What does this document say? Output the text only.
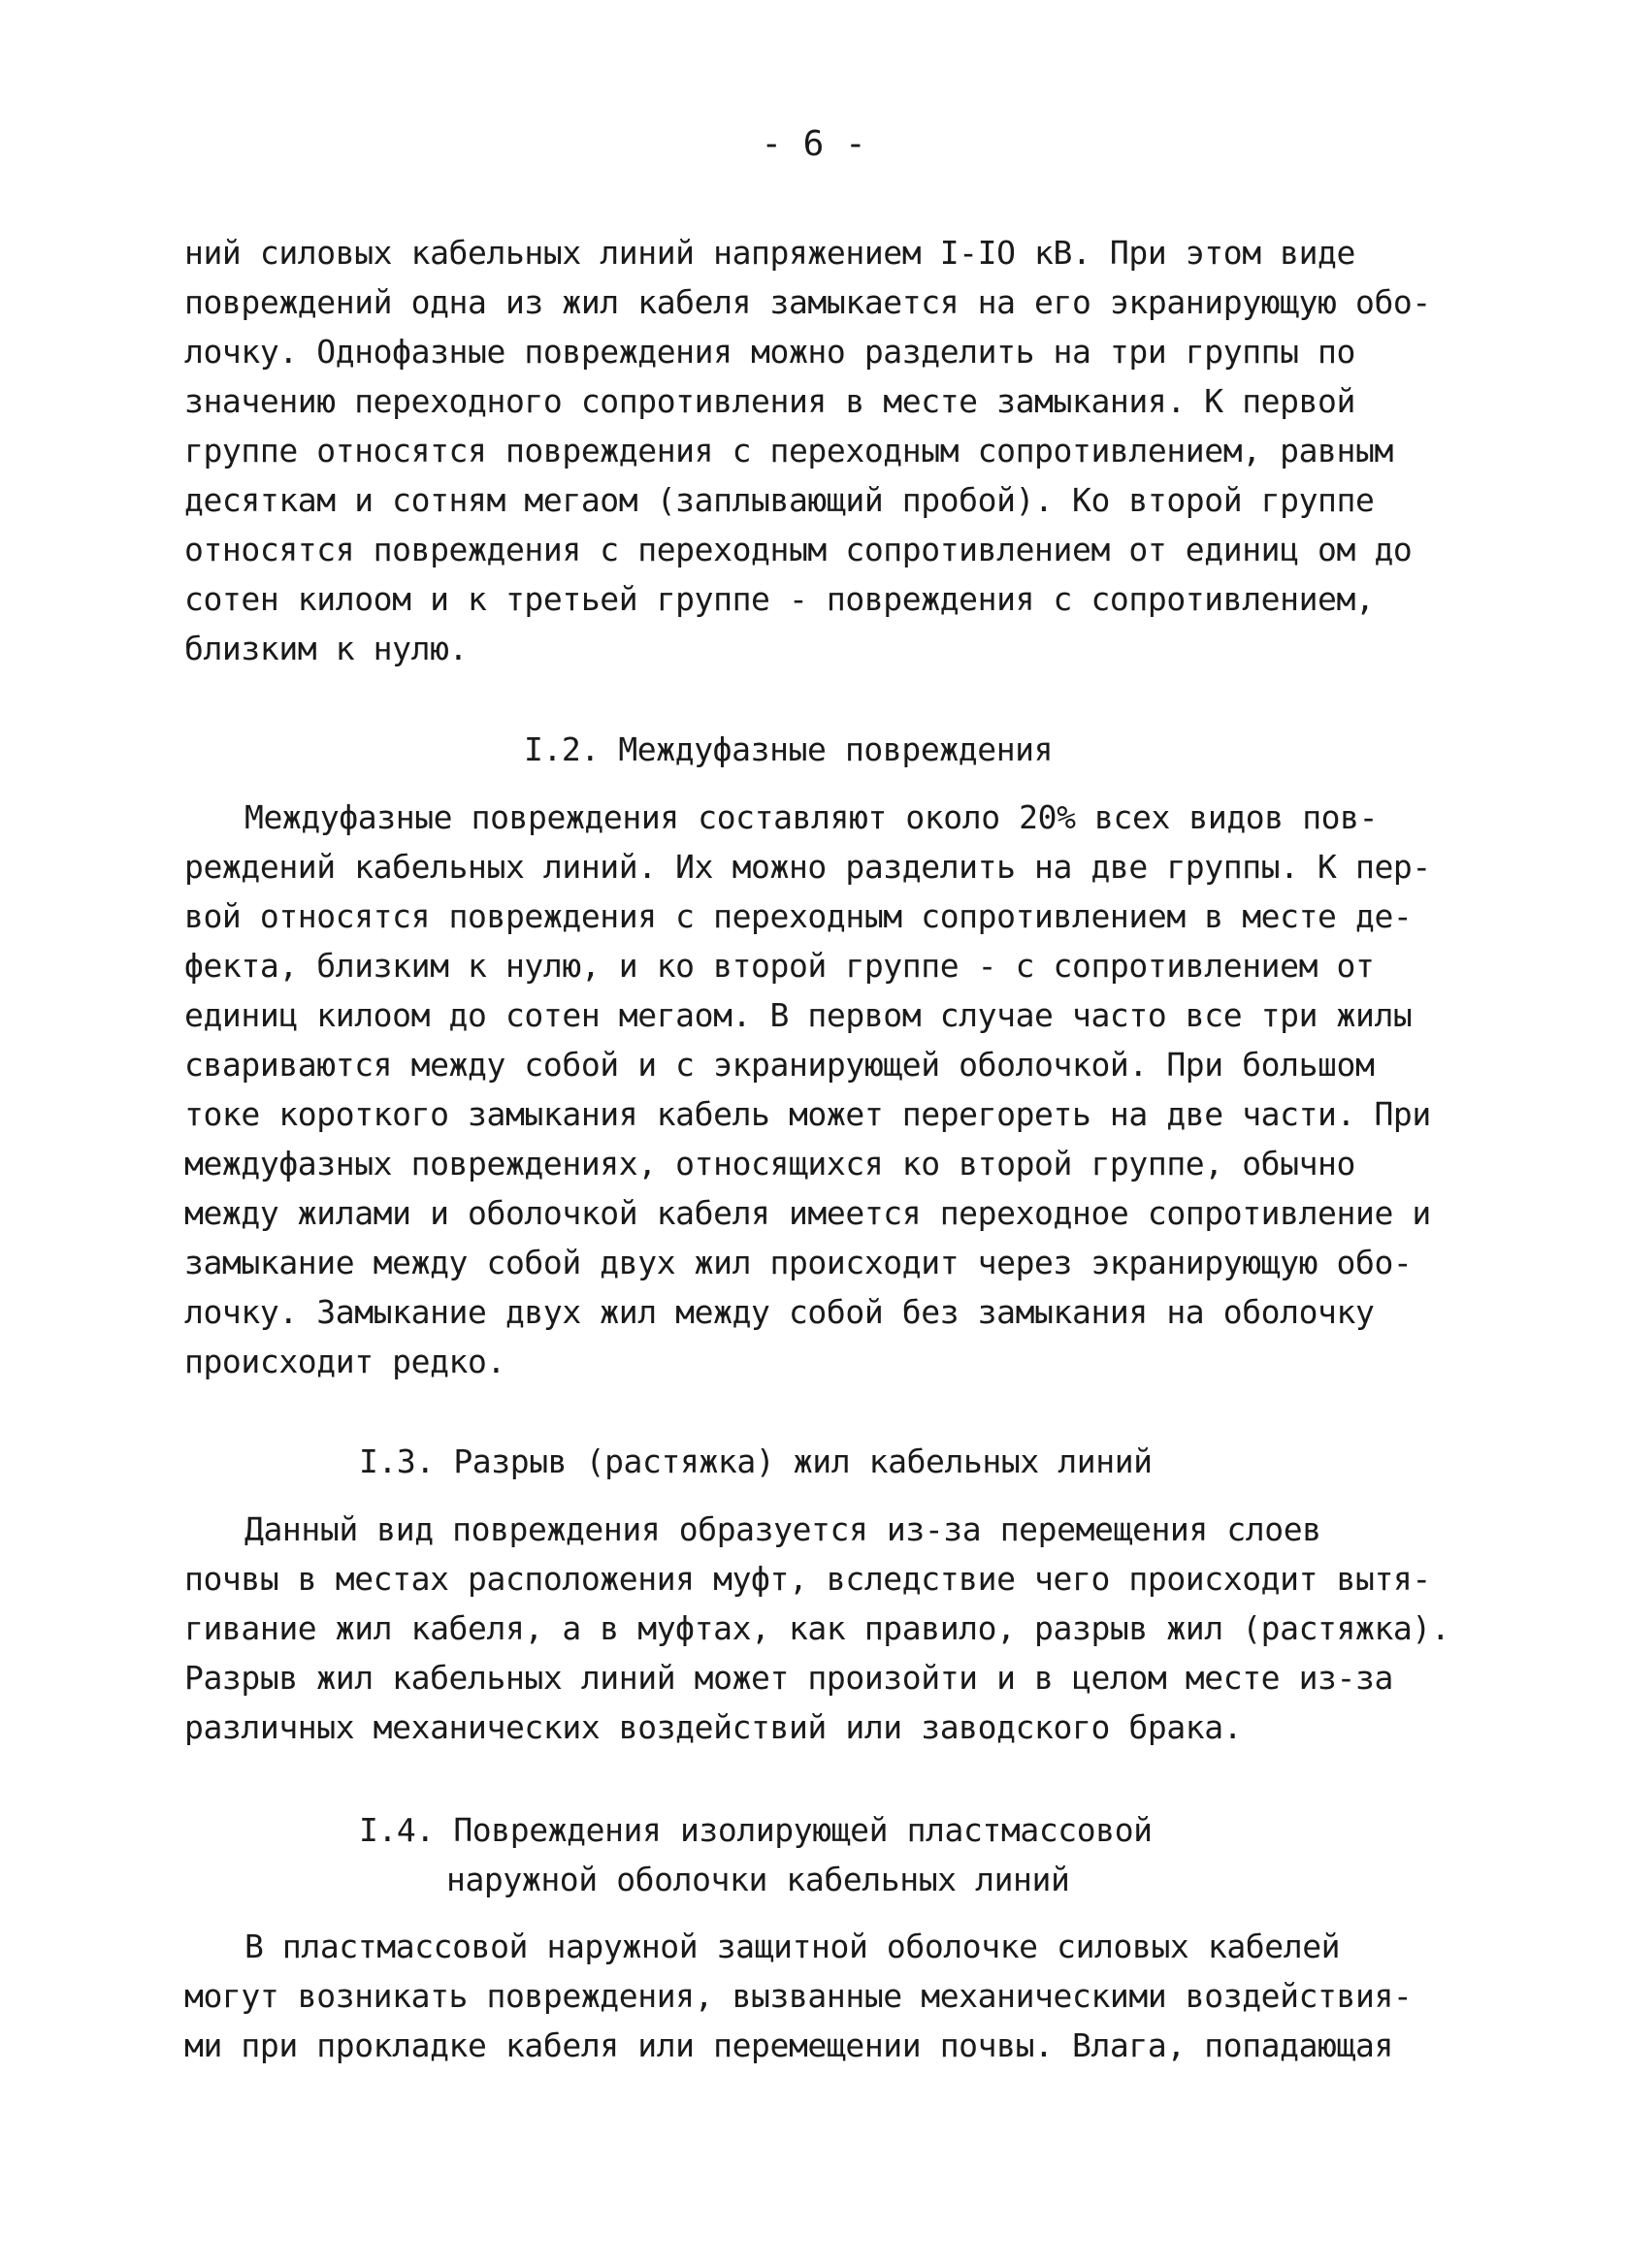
- 6 -
ний силовых кабельных линий напряжением I-IO кВ. При этом виде
повреждений одна из жил кабеля замыкается на его экранирующую обо-
лочку. Однофазные повреждения можно разделить на три группы по
значению переходного сопротивления в месте замыкания. К первой
группе относятся повреждения с переходным сопротивлением, равным
десяткам и сотням мегаом (заплывающий пробой). Ко второй группе
относятся повреждения с переходным сопротивлением от единиц ом до
сотен килоом и к третьей группе - повреждения с сопротивлением,
близким к нулю.
I.2. Междуфазные повреждения
Междуфазные повреждения составляют около 20% всех видов пов-
реждений кабельных линий. Их можно разделить на две группы. К пер-
вой относятся повреждения с переходным сопротивлением в месте де-
фекта, близким к нулю, и ко второй группе - с сопротивлением от
единиц килоом до сотен мегаом. В первом случае часто все три жилы
свариваются между собой и с экранирующей оболочкой. При большом
токе короткого замыкания кабель может перегореть на две части. При
междуфазных повреждениях, относящихся ко второй группе, обычно
между жилами и оболочкой кабеля имеется переходное сопротивление и
замыкание между собой двух жил происходит через экранирующую обо-
лочку. Замыкание двух жил между собой без замыкания на оболочку
происходит редко.
I.3. Разрыв (растяжка) жил кабельных линий
Данный вид повреждения образуется из-за перемещения слоев
почвы в местах расположения муфт, вследствие чего происходит вытя-
гивание жил кабеля, а в муфтах, как правило, разрыв жил (растяжка).
Разрыв жил кабельных линий может произойти и в целом месте из-за
различных механических воздействий или заводского брака.
I.4. Повреждения изолирующей пластмассовой
наружной оболочки кабельных линий
В пластмассовой наружной защитной оболочке силовых кабелей
могут возникать повреждения, вызванные механическими воздействия-
ми при прокладке кабеля или перемещении почвы. Влага, попадающая
